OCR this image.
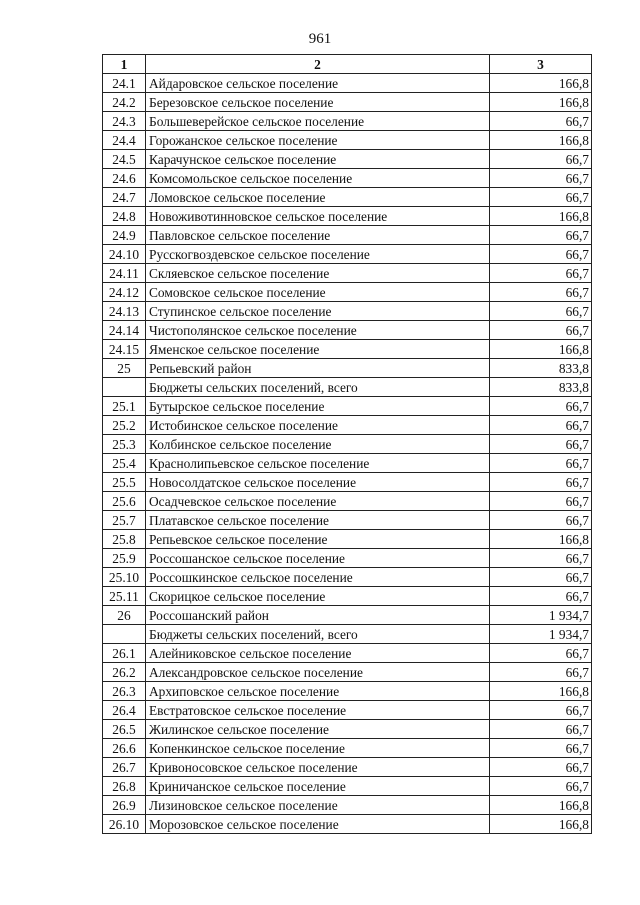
961
1	2	3
24.1	Айдаровское сельское поселение	166,8
24.2	Березовское сельское поселение	166,8
24.3	Большеверейское сельское поселение	66,7
24.4	Горожанское сельское поселение	166,8
24.5	Карачунское сельское поселение	66,7
24.6	Комсомольское сельское поселение	66,7
24.7	Ломовское сельское поселение	66,7
24.8	Новоживотинновское сельское поселение	166,8
24.9	Павловское сельское поселение	66,7
24.10	Русскогвоздевское сельское поселение	66,7
24.11	Скляевское сельское поселение	66,7
24.12	Сомовское сельское поселение	66,7
24.13	Ступинское сельское поселение	66,7
24.14	Чистополянское сельское поселение	66,7
24.15	Яменское сельское поселение	166,8
25	Репьевский район	833,8
	Бюджеты сельских поселений, всего	833,8
25.1	Бутырское сельское поселение	66,7
25.2	Истобинское сельское поселение	66,7
25.3	Колбинское сельское поселение	66,7
25.4	Краснолипьевское сельское поселение	66,7
25.5	Новосолдатское сельское поселение	66,7
25.6	Осадчевское сельское поселение	66,7
25.7	Платавское сельское поселение	66,7
25.8	Репьевское сельское поселение	166,8
25.9	Россошанское сельское поселение	66,7
25.10	Россошкинское сельское поселение	66,7
25.11	Скорицкое сельское поселение	66,7
26	Россошанский район	1 934,7
	Бюджеты сельских поселений, всего	1 934,7
26.1	Алейниковское сельское поселение	66,7
26.2	Александровское сельское поселение	66,7
26.3	Архиповское сельское поселение	166,8
26.4	Евстратовское сельское поселение	66,7
26.5	Жилинское сельское поселение	66,7
26.6	Копенкинское сельское поселение	66,7
26.7	Кривоносовское сельское поселение	66,7
26.8	Криничанское сельское поселение	66,7
26.9	Лизиновское сельское поселение	166,8
26.10	Морозовское сельское поселение	166,8
